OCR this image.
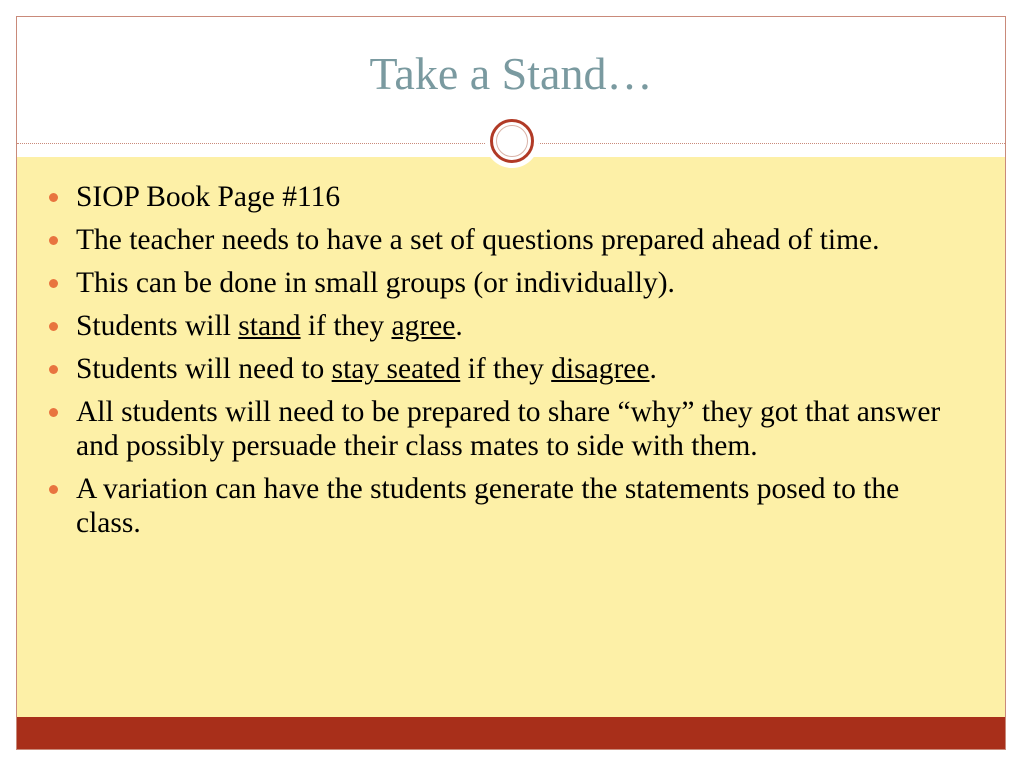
Take a Stand…
SIOP Book Page #116
The teacher needs to have a set of questions prepared ahead of time.
This can be done in small groups (or individually).
Students will stand if they agree.
Students will need to stay seated if they disagree.
All students will need to be prepared to share “why” they got that answer and possibly persuade their class mates to side with them.
A variation can have the students generate the statements posed to the class.
